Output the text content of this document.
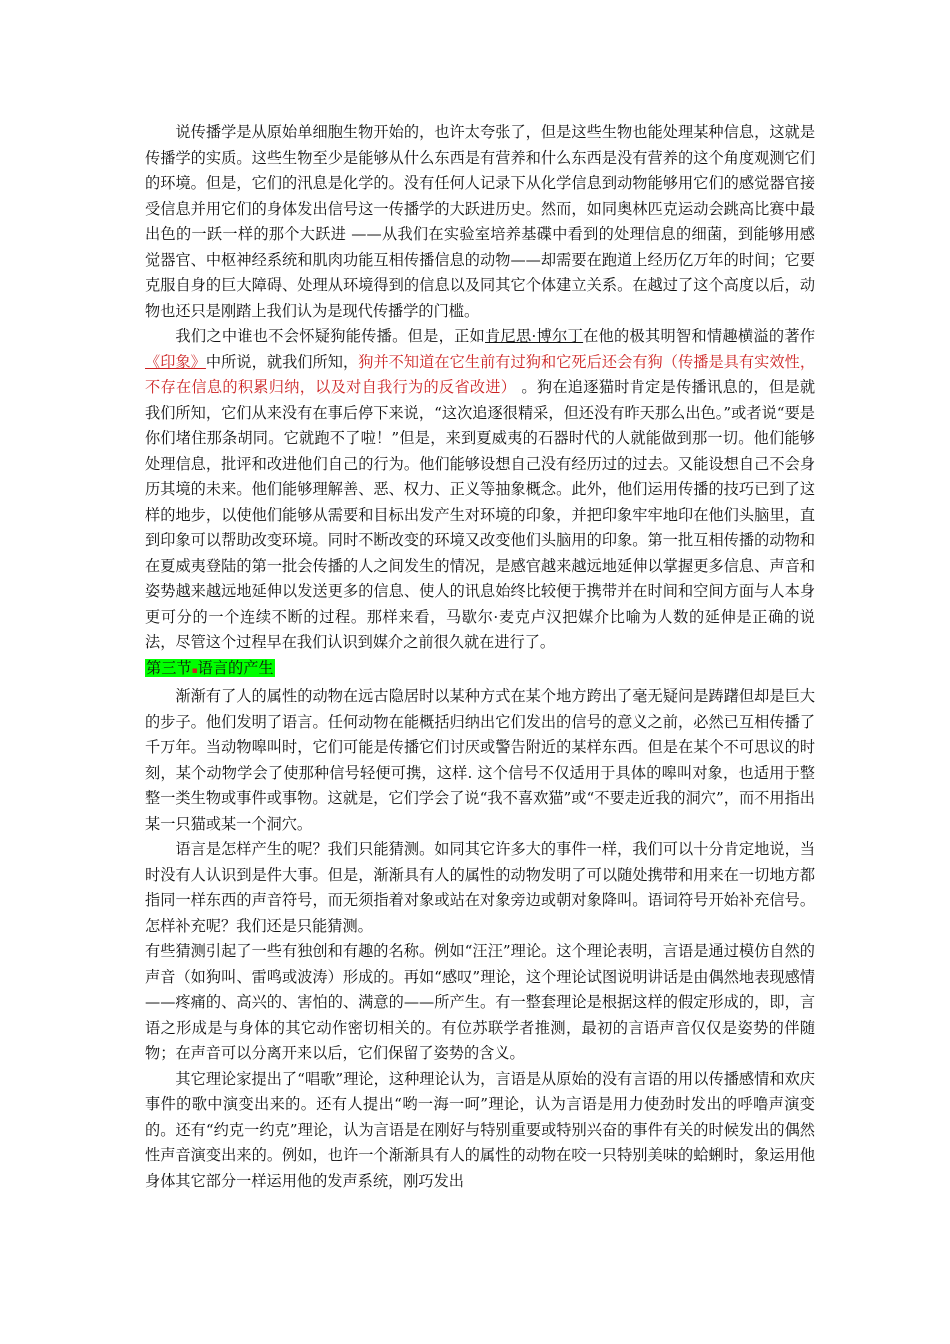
说传播学是从原始单细胞生物开始的，也许太夸张了，但是这些生物也能处理某种信息，这就是传播学的实质。这些生物至少是能够从什么东西是有营养和什么东西是没有营养的这个角度观测它们的环境。但是，它们的汛息是化学的。没有任何人记录下从化学信息到动物能够用它们的感觉器官接受信息并用它们的身体发出信号这一传播学的大跃进历史。然而，如同奥林匹克运动会跳高比赛中最出色的一跃一样的那个大跃进 ——从我们在实验室培养基碟中看到的处理信息的细菌，到能够用感觉器官、中枢神经系统和肌肉功能互相传播信息的动物——却需要在跑道上经历亿万年的时间；它要克服自身的巨大障碍、处理从环境得到的信息以及同其它个体建立关系。在越过了这个高度以后，动物也还只是刚踏上我们认为是现代传播学的门槛。

我们之中谁也不会怀疑狗能传播。但是，正如肯尼思·博尔丁在他的极其明智和情趣横溢的著作《印象》中所说，就我们所知，狗并不知道在它生前有过狗和它死后还会有狗（传播是具有实效性，不存在信息的积累归纳，以及对自我行为的反省改进） 。狗在追逐猫时肯定是传播讯息的，但是就我们所知，它们从来没有在事后停下来说，“这次追逐很精采，但还没有昨天那么出色。”或者说“要是你们堵住那条胡同。它就跑不了啦！”但是，来到夏威夷的石器时代的人就能做到那一切。他们能够处理信息，批评和改进他们自己的行为。他们能够设想自己没有经历过的过去。又能设想自己不会身历其境的未来。他们能够理解善、恶、权力、正义等抽象概念。此外，他们运用传播的技巧已到了这样的地步，以使他们能够从需要和目标出发产生对环境的印象，并把印象牢牢地印在他们头脑里，直到印象可以帮助改变环境。同时不断改变的环境又改变他们头脑用的印象。第一批互相传播的动物和在夏威夷登陆的第一批会传播的人之间发生的情况，是感官越来越远地延伸以掌握更多信息、声音和姿势越来越远地延伸以发送更多的信息、使人的讯息始终比较便于携带并在时间和空间方面与人本身更可分的一个连续不断的过程。那样来看，马歇尔·麦克卢汉把媒介比喻为人数的延伸是正确的说法，尽管这个过程早在我们认识到媒介之前很久就在进行了。

第三节▪语言的产生

渐渐有了人的属性的动物在远古隐居时以某种方式在某个地方跨出了毫无疑问是踌躇但却是巨大的步子。他们发明了语言。任何动物在能概括归纳出它们发出的信号的意义之前，必然已互相传播了千万年。当动物嗥叫时，它们可能是传播它们讨厌或警告附近的某样东西。但是在某个不可思议的时刻，某个动物学会了使那种信号轻便可携，这样. 这个信号不仅适用于具体的嗥叫对象，也适用于整整一类生物或事件或事物。这就是，它们学会了说“我不喜欢猫”或“不要走近我的洞穴”，而不用指出某一只猫或某一个洞穴。

语言是怎样产生的呢？我们只能猜测。如同其它许多大的事件一样，我们可以十分肯定地说，当时没有人认识到是件大事。但是，渐渐具有人的属性的动物发明了可以随处携带和用来在一切地方都指同一样东西的声音符号，而无须指着对象或站在对象旁边或朝对象降叫。语词符号开始补充信号。怎样补充呢？我们还是只能猜测。

有些猜测引起了一些有独创和有趣的名称。例如“汪汪”理论。这个理论表明，言语是通过模仿自然的声音（如狗叫、雷鸣或波涛）形成的。再如“感叹”理论，这个理论试图说明讲话是由偶然地表现感情——疼痛的、高兴的、害怕的、满意的——所产生。有一整套理论是根据这样的假定形成的，即，言语之形成是与身体的其它动作密切相关的。有位苏联学者推测，最初的言语声音仅仅是姿势的伴随物；在声音可以分离开来以后，它们保留了姿势的含义。

其它理论家提出了“唱歌”理论，这种理论认为，言语是从原始的没有言语的用以传播感情和欢庆事件的歌中演变出来的。还有人提出“哟一海一呵”理论，认为言语是用力使劲时发出的呼噜声演变的。还有“约克一约克”理论，认为言语是在刚好与特别重要或特别兴奋的事件有关的时候发出的偶然性声音演变出来的。例如，也许一个渐渐具有人的属性的动物在咬一只特别美味的蛤蜊时，象运用他身体其它部分一样运用他的发声系统，刚巧发出
